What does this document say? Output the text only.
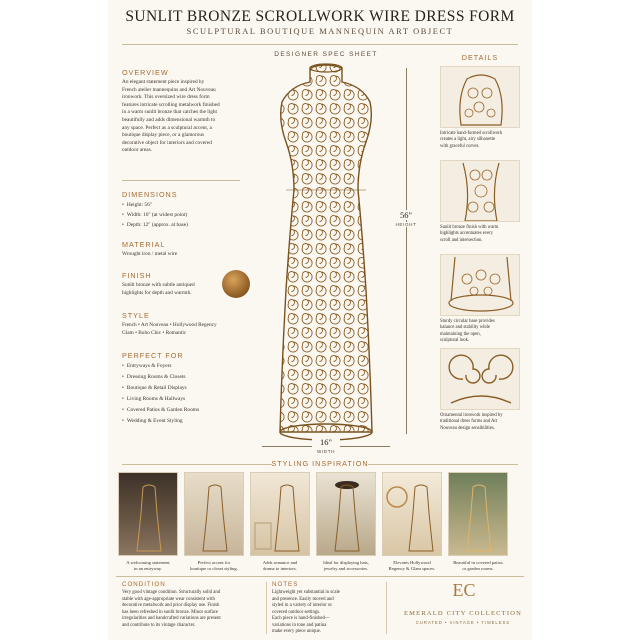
SUNLIT BRONZE SCROLLWORK WIRE DRESS FORM
SCULPTURAL BOUTIQUE MANNEQUIN ART OBJECT
DESIGNER SPEC SHEET
OVERVIEW
An elegant statement piece inspired by
French atelier mannequins and Art Nouveau
ironwork. This oversized wire dress form
features intricate scrolling metalwork finished
in a warm sunlit bronze that catches the light
beautifully and adds dimensional warmth to
any space. Perfect as a sculptural accent, a
boutique display piece, or a glamorous
decorative object for interiors and covered
outdoor areas.
DIMENSIONS
• Height: 56"
• Width: 16" (at widest point)
• Depth: 12" (approx. at base)
MATERIAL
Wrought iron / metal wire
FINISH
Sunlit bronze with subtle antiqued
highlights for depth and warmth.
STYLE
French • Art Nouveau • Hollywood Regency
Glam • Boho Chic • Romantic
PERFECT FOR
• Entryways & Foyers
• Dressing Rooms & Closets
• Boutique & Retail Displays
• Living Rooms & Hallways
• Covered Patios & Garden Rooms
• Wedding & Event Styling
56"
HEIGHT
16"
WIDTH
DETAILS
Intricate hand-formed scrollwork
creates a light, airy silhouette
with graceful curves.
Sunlit bronze finish with warm
highlights accentuates every
scroll and intersection.
Sturdy circular base provides
balance and stability while
maintaining the open,
sculptural look.
Ornamental ironwork inspired by
traditional dress forms and Art
Nouveau design sensibilities.
STYLING INSPIRATION
A welcoming statement
in an entryway.
Perfect accent for
boutique or closet styling.
Adds romance and
drama to interiors.
Ideal for displaying hats,
jewelry and accessories.
Elevates Hollywood
Regency & Glam spaces.
Beautiful in covered patios
or garden rooms.
CONDITION
Very good vintage condition. Structurally solid and
stable with age-appropriate wear consistent with
decorative metalwork and prior display use. Finish
has been refreshed in sunlit bronze. Minor surface
irregularities and handcrafted variations are present
and contribute to its vintage character.
NOTES
Lightweight yet substantial in scale
and presence. Easily moved and
styled in a variety of interior or
covered outdoor settings.
Each piece is hand-finished—
variations in tone and patina
make every piece unique.
EC
EMERALD CITY COLLECTION
CURATED • VINTAGE • TIMELESS
